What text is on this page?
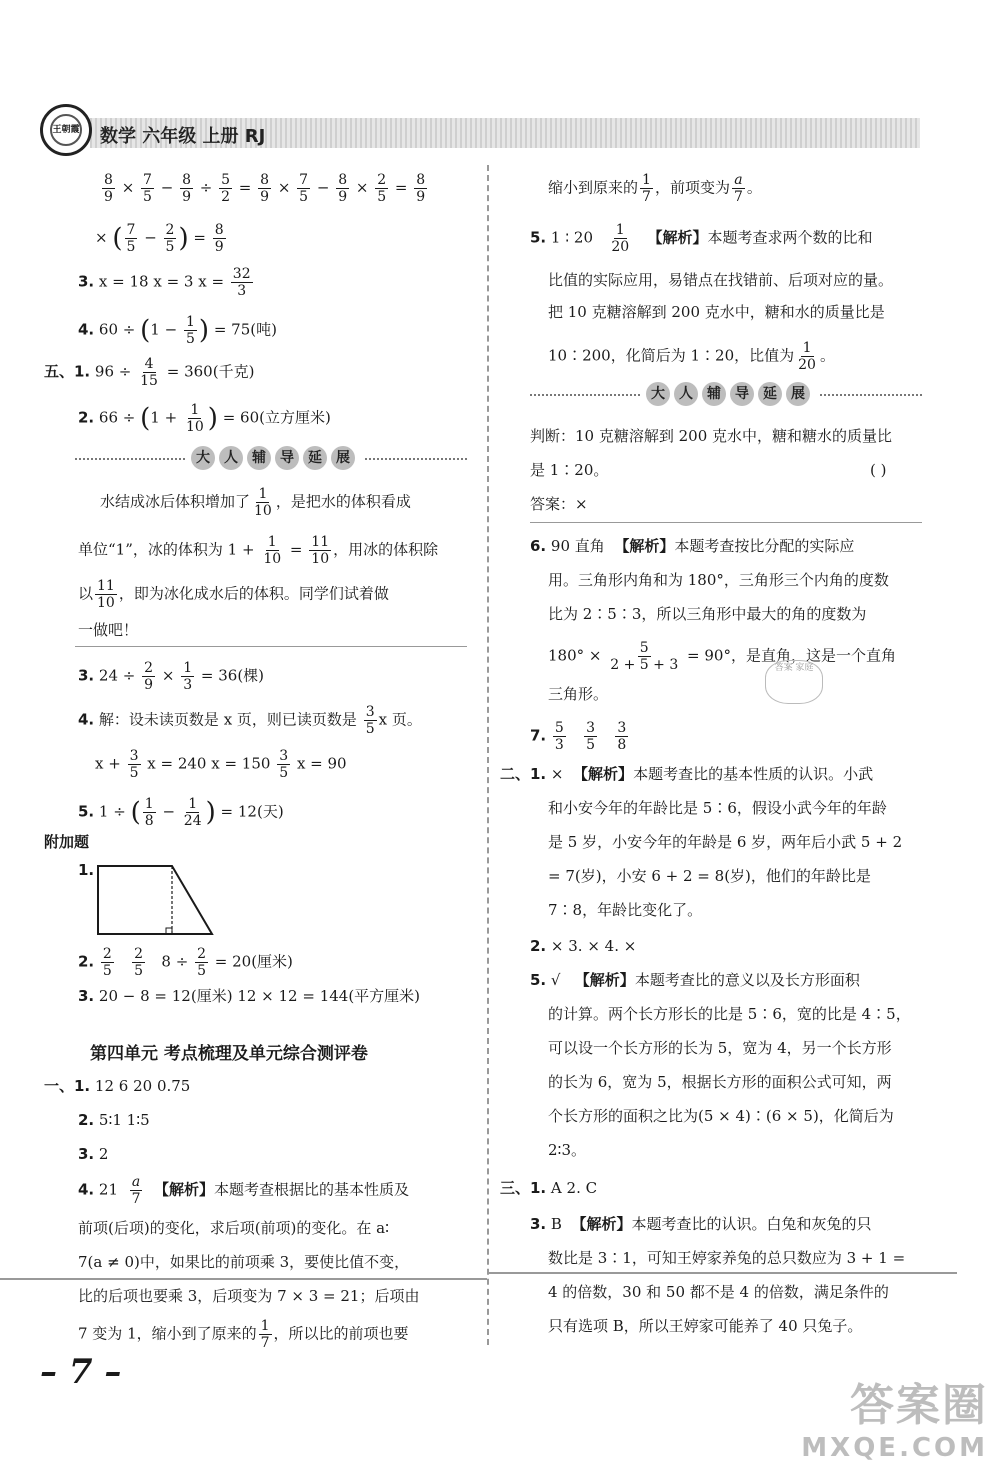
王朝霞	数学 六年级 上册 RJ
$\frac{8}{9} \times \frac{7}{5} - \frac{8}{9} \div \frac{5}{2} = \frac{8}{9} \times \frac{7}{5} - \frac{8}{9} \times \frac{2}{5} = \frac{8}{9}$
× ( $\frac{7}{5} - \frac{2}{5}$ ) = $\frac{8}{9}$
3. x = 18 x = 3 $x = \frac{32}{3}$
4. $60 \div (1 - \frac{1}{5}$ ) = 75(吨)
五、1. $96 \div \frac{4}{15} = 360$(千克)
2. $66 \div (1 + \frac{1}{10}$ ) = 60(立方厘米)
大	人	辅	导	延	展
水结成冰后体积增加了 $\frac{1}{10}$ ，是把水的体积看成
单位“1”，冰的体积为 $1 + \frac{1}{10} = \frac{11}{10}$ ，用冰的体积除
以 $\frac{11}{10}$ ，即为冰化成水后的体积。同学们试着做
一做吧！
3. $24 \div \frac{2}{9} \times \frac{1}{3} = 36$(棵)
4. 解：设未读页数是 x 页，则已读页数是 $\frac{3}{5}$ x 页。
$x + \frac{3}{5}$ x = 240 $x = 150 \frac{3}{5}$ x = 90
5. 1 ÷ ( $\frac{1}{8} - \frac{1}{24}$ ) = 12(天)
附加题
1.
2. $\frac{2}{5}$
$\frac{2}{5} 8 \div \frac{2}{5} = 20$(厘米)
3. 20 − 8 = 12(厘米) 12 × 12 = 144(平方厘米)
第四单元 考点梳理及单元综合测评卷
一、1. 12 6 20 0.75
2. 5∶1 1∶5
3. 2
4. $21 \frac{a}{7}$ 【解析】本题考查根据比的基本性质及
前项(后项)的变化，求后项(前项)的变化。在 a∶
7(a ≠ 0)中，如果比的前项乘 3，要使比值不变，
比的后项也要乘 3，后项变为 7 × 3 = 21；后项由
7 变为 1，缩小到了原来的 $\frac{1}{7}$ ，所以比的前项也要
缩小到原来的 $\frac{1}{7}$ ，前项变为 $\frac{a}{7}$ 。
5. 1 ∶ $20 \frac{1}{20}$ 【解析】本题考查求两个数的比和
比值的实际应用，易错点在找错前、后项对应的量。
把 10 克糖溶解到 200 克水中，糖和水的质量比是
10∶200，化简后为 1∶20，比值为 $\frac{1}{20}$ 。
大	人	辅	导	延	展
判断：10 克糖溶解到 200 克水中，糖和糖水的质量比
是 1∶20。	( )
答案：×
6. 90 直角 【解析】本题考查按比分配的实际应
用。三角形内角和为 180°，三角形三个内角的度数
比为 2∶5∶3，所以三角形中最大的角的度数为
$180^\circ \times \frac{5}{2 + 5 + 3} = 90^\circ$，是直角，这是一个直角
三角形。
答案 家庭
7. $\frac{5}{3}$
$\frac{3}{5}$
$\frac{3}{8}$
二、1. × 【解析】本题考查比的基本性质的认识。小武
和小安今年的年龄比是 5∶6，假设小武今年的年龄
是 5 岁，小安今年的年龄是 6 岁，两年后小武 5 + 2
= 7(岁)，小安 6 + 2 = 8(岁)，他们的年龄比是
7∶8，年龄比变化了。
2. × 3. × 4. ×
5. √ 【解析】本题考查比的意义以及长方形面积
的计算。两个长方形长的比是 5∶6，宽的比是 4∶5，
可以设一个长方形的长为 5，宽为 4，另一个长方形
的长为 6，宽为 5，根据长方形的面积公式可知，两
个长方形的面积之比为(5 × 4)∶(6 × 5)，化简后为
2∶3。
三、1. A 2. C
3. B 【解析】本题考查比的认识。白兔和灰兔的只
数比是 3∶1，可知王婷家养兔的总只数应为 3 + 1 =
4 的倍数，30 和 50 都不是 4 的倍数，满足条件的
只有选项 B，所以王婷家可能养了 40 只兔子。
– 7 –
答案圈
MXQE.COM
